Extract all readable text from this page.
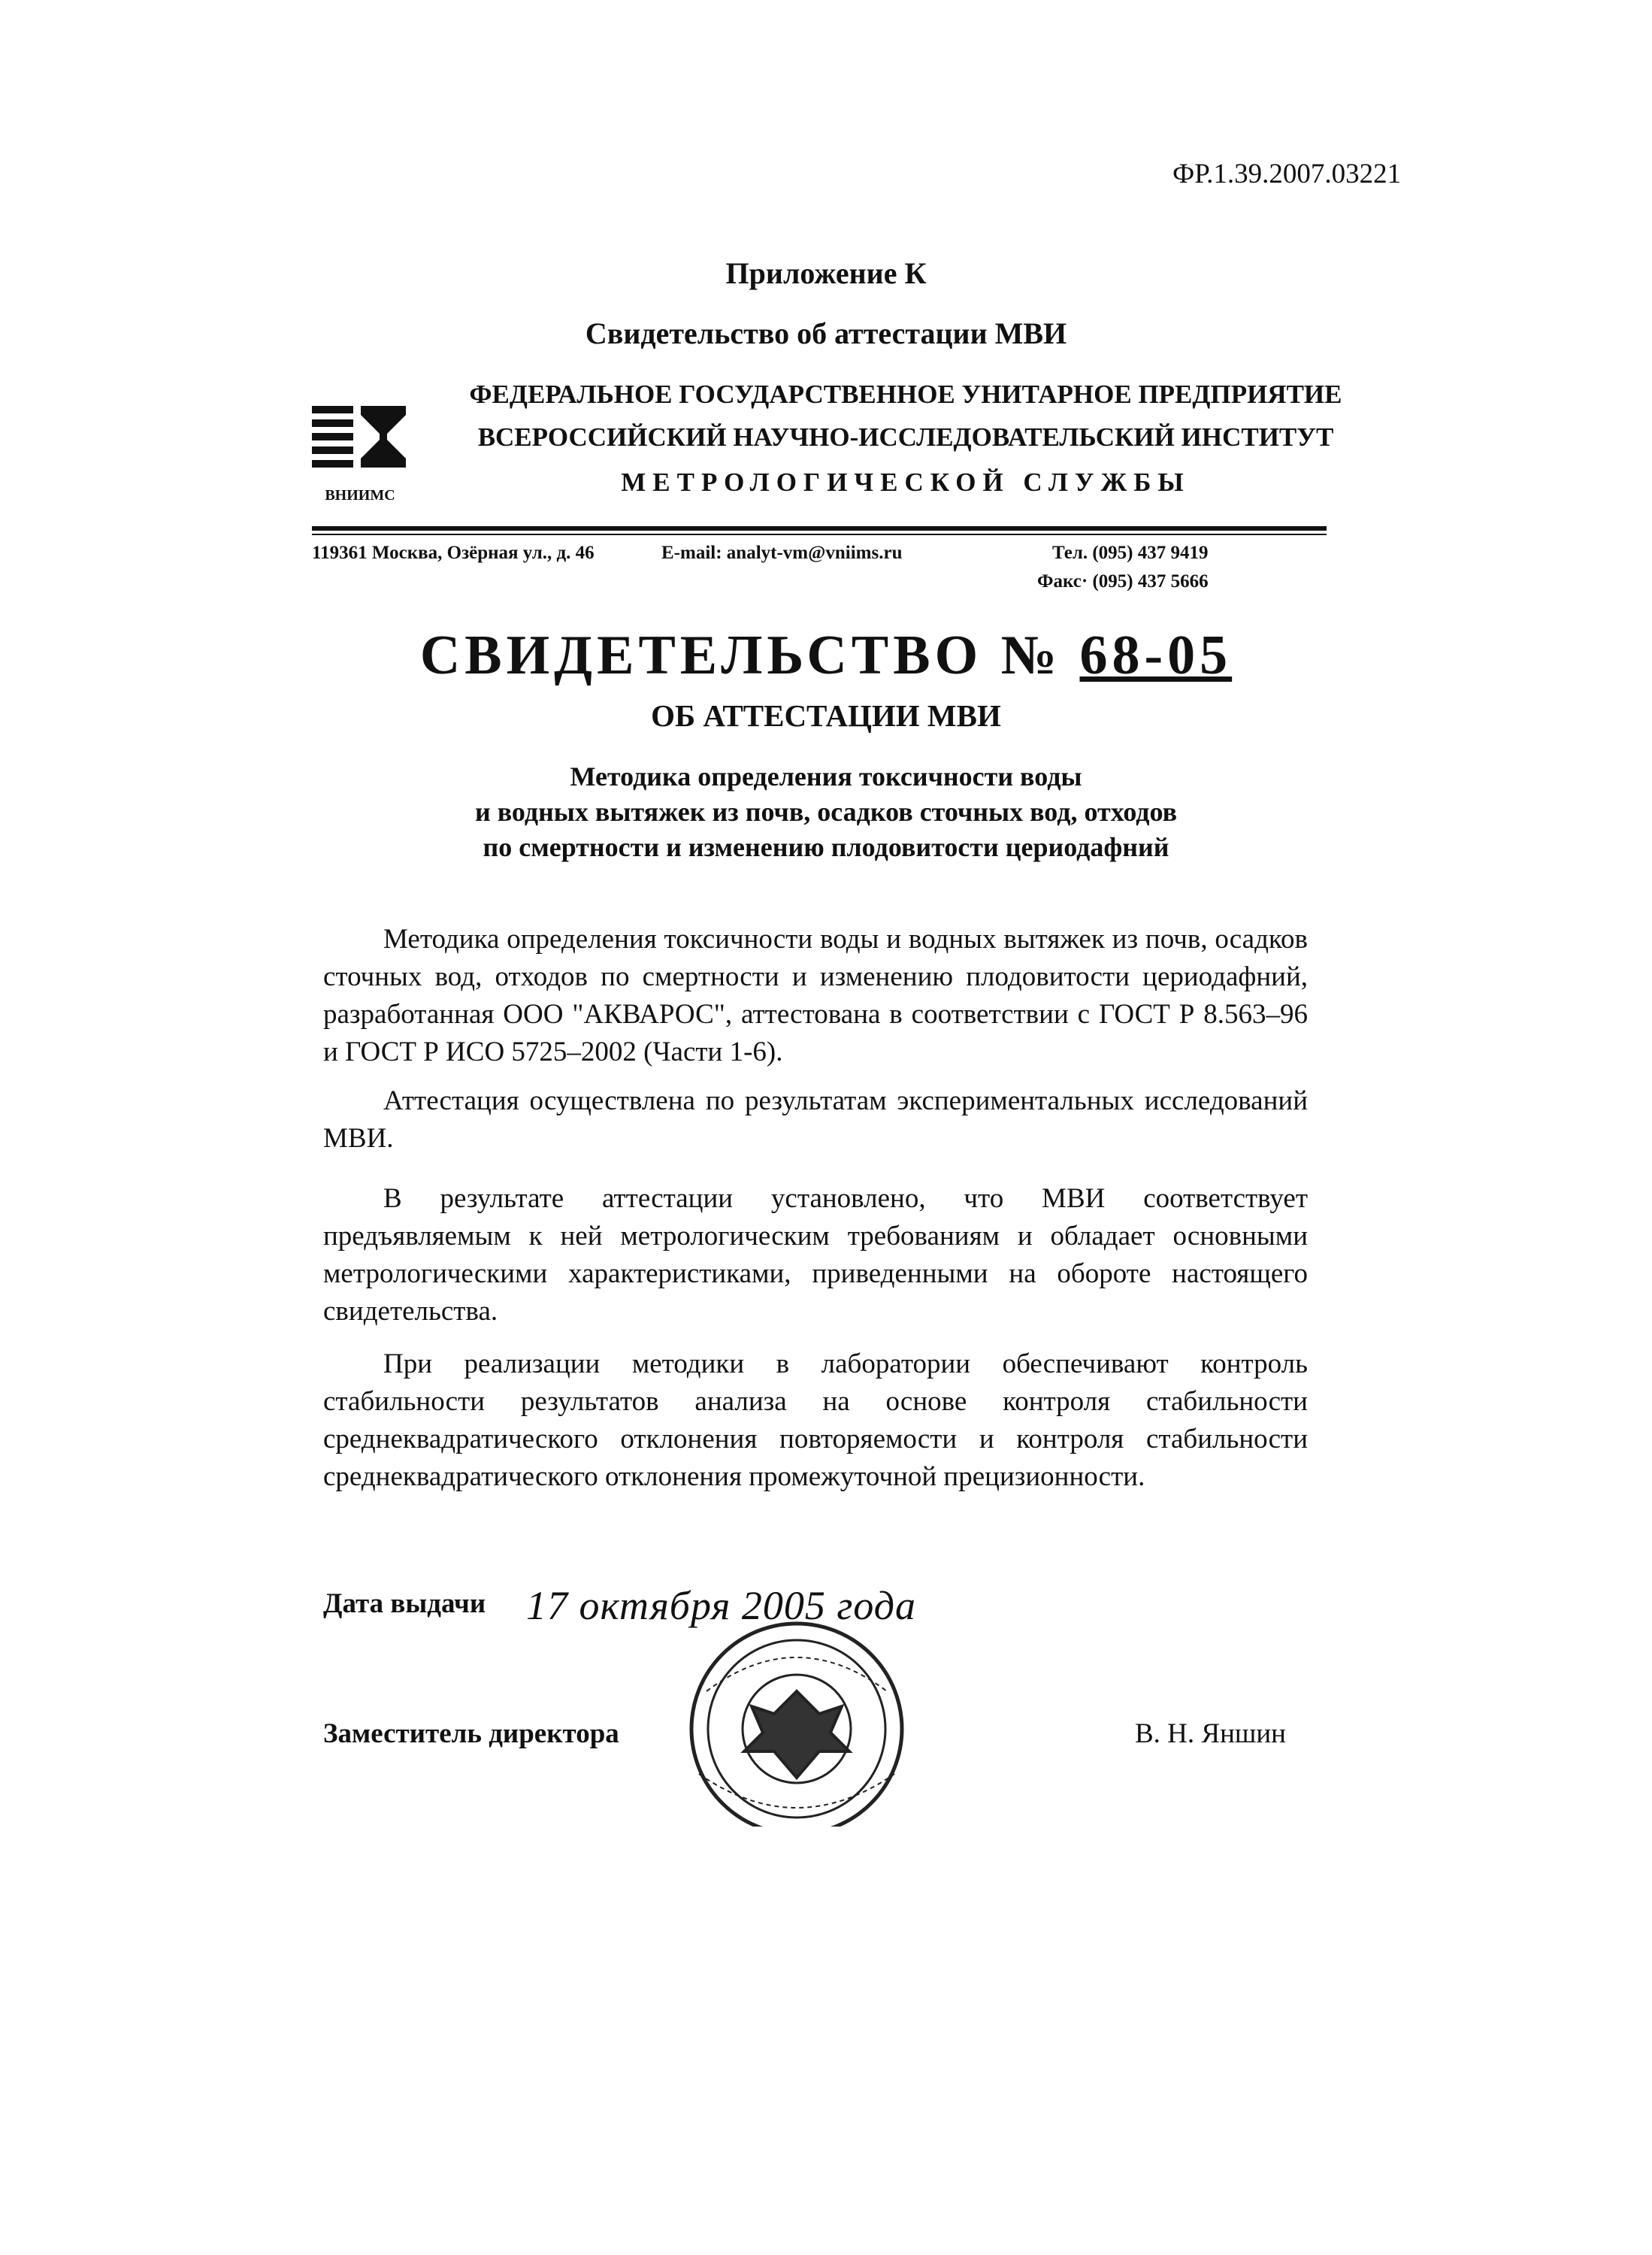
ФР.1.39.2007.03221
Приложение К
Свидетельство об аттестации МВИ
ВНИИМС
ФЕДЕРАЛЬНОЕ ГОСУДАРСТВЕННОЕ УНИТАРНОЕ ПРЕДПРИЯТИЕ
ВСЕРОССИЙСКИЙ НАУЧНО-ИССЛЕДОВАТЕЛЬСКИЙ ИНСТИТУТ
МЕТРОЛОГИЧЕСКОЙ СЛУЖБЫ
119361 Москва, Озёрная ул., д. 46	E-mail: analyt-vm@vniims.ru	Тел. (095) 437 9419
Факс· (095) 437 5666
СВИДЕТЕЛЬСТВО № 68-05
ОБ АТТЕСТАЦИИ МВИ
Методика определения токсичности воды
и водных вытяжек из почв, осадков сточных вод, отходов
по смертности и изменению плодовитости цериодафний
Методика определения токсичности воды и водных вытяжек из почв, осадков сточных вод, отходов по смертности и изменению плодовитости цериодафний, разработанная ООО "АКВАРОС", аттестована в соответствии с ГОСТ Р 8.563–96 и ГОСТ Р ИСО 5725–2002 (Части 1-6).
Аттестация осуществлена по результатам экспериментальных исследований МВИ.
В результате аттестации установлено, что МВИ соответствует предъявляемым к ней метрологическим требованиям и обладает основными метрологическими характеристиками, приведенными на обороте настоящего свидетельства.
При реализации методики в лаборатории обеспечивают контроль стабильности результатов анализа на основе контроля стабильности среднеквадратического отклонения повторяемости и контроля стабильности среднеквадратического отклонения промежуточной прецизионности.
Дата выдачи 17 октября 2005 года
Заместитель директора	В. Н. Яншин
